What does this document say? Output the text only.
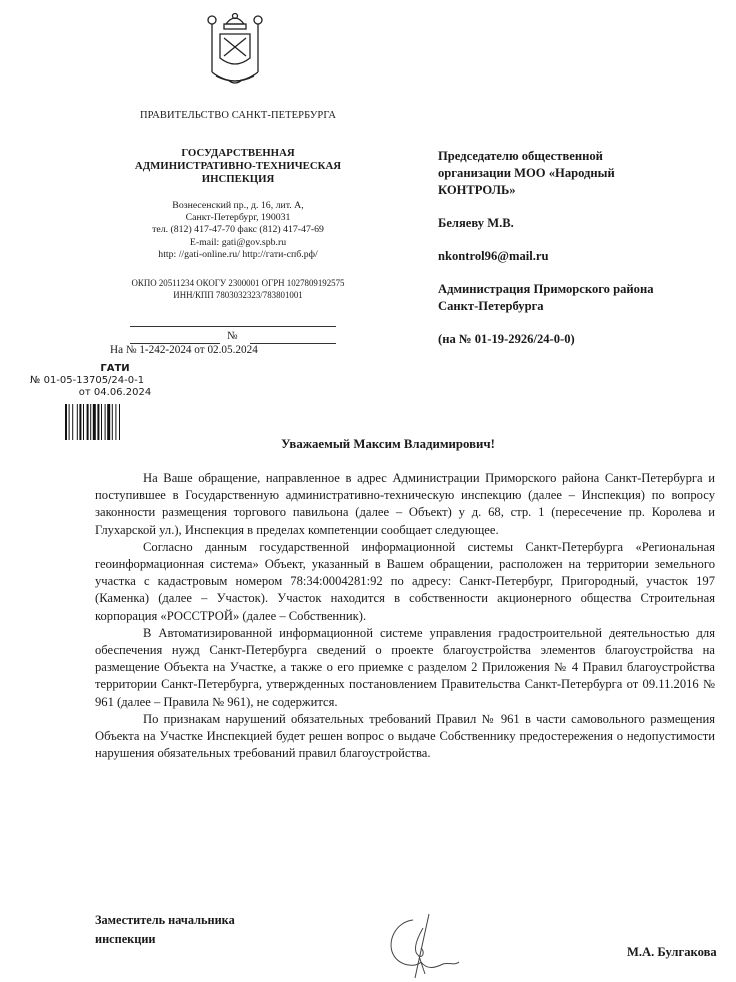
ПРАВИТЕЛЬСТВО САНКТ-ПЕТЕРБУРГА
ГОСУДАРСТВЕННАЯ
АДМИНИСТРАТИВНО-ТЕХНИЧЕСКАЯ
ИНСПЕКЦИЯ
Вознесенский пр., д. 16, лит. А,
Санкт-Петербург, 190031
тел. (812) 417-47-70 факс (812) 417-47-69
E-mail: gati@gov.spb.ru
http: //gati-online.ru/ http://гати-спб.рф/
ОКПО 20511234 ОКОГУ 2300001 ОГРН 1027809192575
ИНН/КПП 7803032323/783801001
№
На № 1-242-2024 от 02.05.2024
ГАТИ
№ 01-05-13705/24-0-1
от 04.06.2024

Председателю общественной
организации МОО «Народный
КОНТРОЛЬ»

Беляеву М.В.

nkontrol96@mail.ru

Администрация Приморского района
Санкт-Петербурга

(на № 01-19-2926/24-0-0)

Уважаемый Максим Владимирович!

На Ваше обращение, направленное в адрес Администрации Приморского района Санкт-Петербурга и поступившее в Государственную административно-техническую инспекцию (далее – Инспекция) по вопросу законности размещения торгового павильона (далее – Объект) у д. 68, стр. 1 (пересечение пр. Королева и Глухарской ул.), Инспекция в пределах компетенции сообщает следующее.

Согласно данным государственной информационной системы Санкт-Петербурга «Региональная геоинформационная система» Объект, указанный в Вашем обращении, расположен на территории земельного участка с кадастровым номером 78:34:0004281:92 по адресу: Санкт-Петербург, Пригородный, участок 197 (Каменка) (далее – Участок). Участок находится в собственности акционерного общества Строительная корпорация «РОССТРОЙ» (далее – Собственник).

В Автоматизированной информационной системе управления градостроительной деятельностью для обеспечения нужд Санкт-Петербурга сведений о проекте благоустройства элементов благоустройства на размещение Объекта на Участке, а также о его приемке с разделом 2 Приложения № 4 Правил благоустройства территории Санкт-Петербурга, утвержденных постановлением Правительства Санкт-Петербурга от 09.11.2016 № 961 (далее – Правила № 961), не содержится.

По признакам нарушений обязательных требований Правил № 961 в части самовольного размещения Объекта на Участке Инспекцией будет решен вопрос о выдаче Собственнику предостережения о недопустимости нарушения обязательных требований правил благоустройства.

Заместитель начальника
инспекции
М.А. Булгакова
